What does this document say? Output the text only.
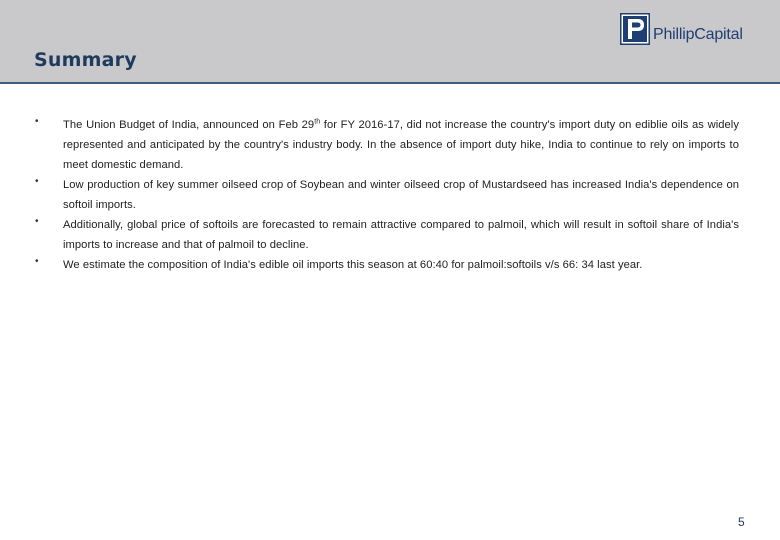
Summary
PhillipCapital
• The Union Budget of India, announced on Feb 29th for FY 2016-17, did not increase the country's import duty on ediblie oils as widely represented and anticipated by the country's industry body. In the absence of import duty hike, India to continue to rely on imports to meet domestic demand.
• Low production of key summer oilseed crop of Soybean and winter oilseed crop of Mustardseed has increased India's dependence on softoil imports.
• Additionally, global price of softoils are forecasted to remain attractive compared to palmoil, which will result in softoil share of India's imports to increase and that of palmoil to decline.
• We estimate the composition of India's edible oil imports this season at 60:40 for palmoil:softoils v/s 66: 34 last year.
5
